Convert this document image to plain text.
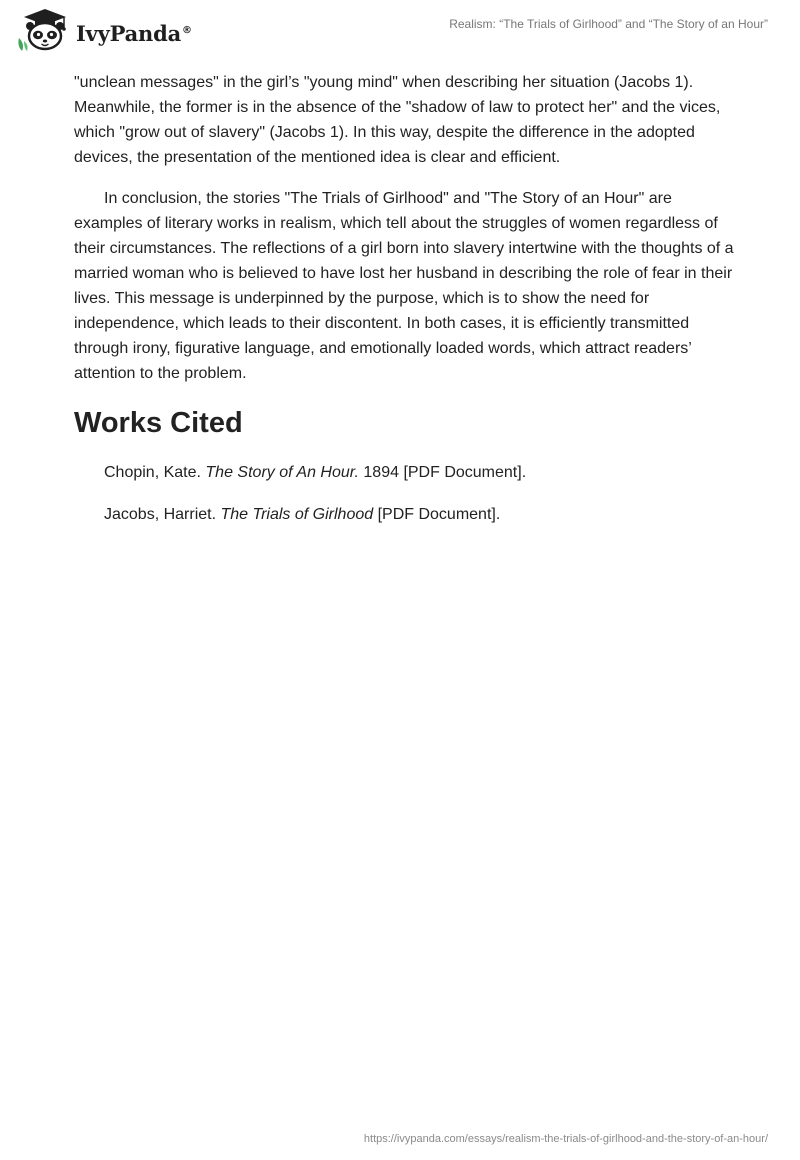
IvyPanda®	Realism: “The Trials of Girlhood” and “The Story of an Hour”

"unclean messages" in the girl’s "young mind" when describing her situation (Jacobs 1). Meanwhile, the former is in the absence of the "shadow of law to protect her" and the vices, which "grow out of slavery" (Jacobs 1). In this way, despite the difference in the adopted devices, the presentation of the mentioned idea is clear and efficient.

In conclusion, the stories "The Trials of Girlhood" and "The Story of an Hour" are examples of literary works in realism, which tell about the struggles of women regardless of their circumstances. The reflections of a girl born into slavery intertwine with the thoughts of a married woman who is believed to have lost her husband in describing the role of fear in their lives. This message is underpinned by the purpose, which is to show the need for independence, which leads to their discontent. In both cases, it is efficiently transmitted through irony, figurative language, and emotionally loaded words, which attract readers’ attention to the problem.

Works Cited

Chopin, Kate. The Story of An Hour. 1894 [PDF Document].

Jacobs, Harriet. The Trials of Girlhood [PDF Document].

https://ivypanda.com/essays/realism-the-trials-of-girlhood-and-the-story-of-an-hour/
